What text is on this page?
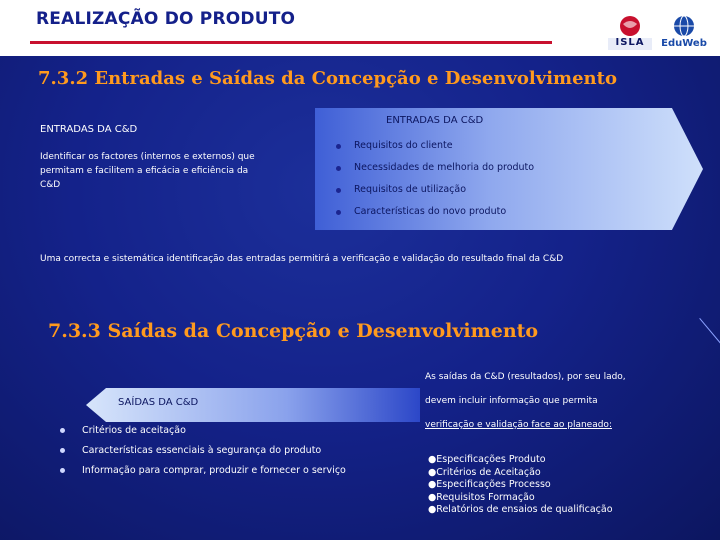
REALIZAÇÃO DO PRODUTO
ISLA	EduWeb
7.3.2 Entradas e Saídas da Concepção e Desenvolvimento
ENTRADAS DA C&D
Identificar os factores (internos e externos) que
permitam e facilitem a eficácia e eficiência da
C&D
ENTRADAS DA C&D
Requisitos do cliente
Necessidades de melhoria do produto
Requisitos de utilização
Características do novo produto
Uma correcta e sistemática identificação das entradas permitirá a verificação e validação do resultado final da C&D
7.3.3 Saídas da Concepção e Desenvolvimento
As saídas da C&D (resultados), por seu lado,
devem incluir informação que permita
verificação e validação face ao planeado:
SAÍDAS DA C&D
Critérios de aceitação
Características essenciais à segurança do produto
Informação para comprar, produzir e fornecer o serviço
●Especificações Produto
●Critérios de Aceitação
●Especificações Processo
●Requisitos Formação
●Relatórios de ensaios de qualificação
